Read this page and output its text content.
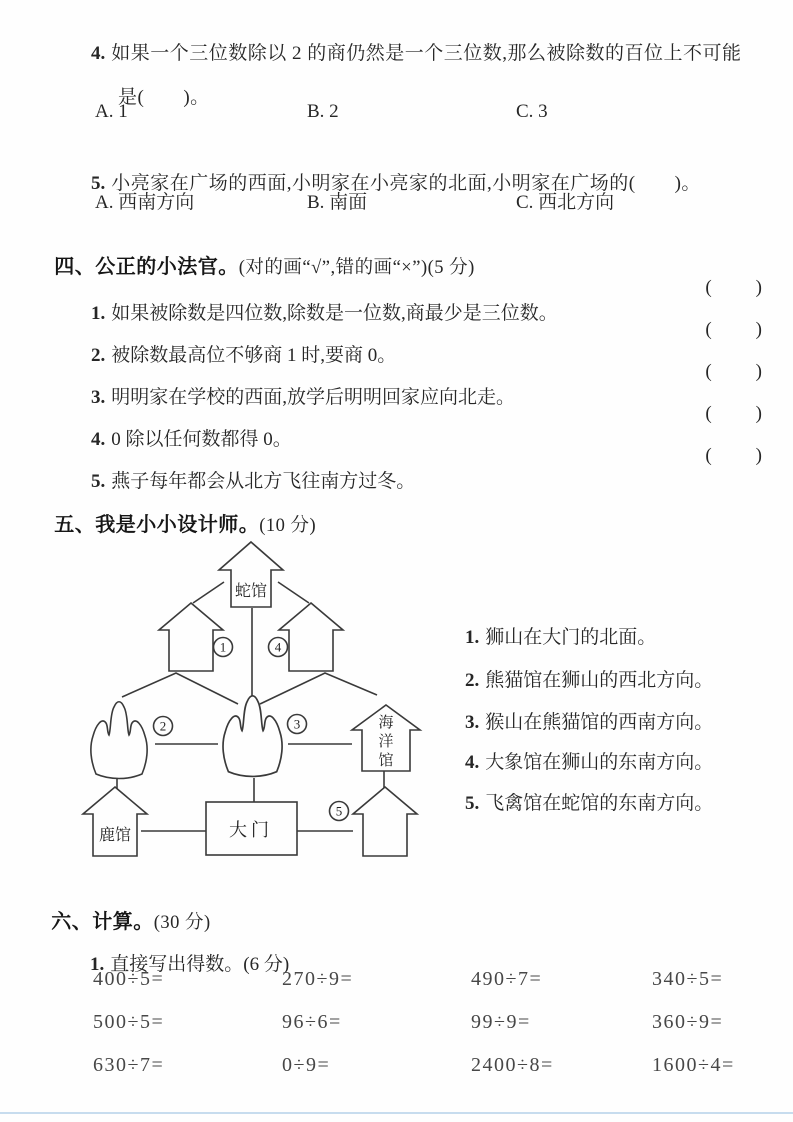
4. 如果一个三位数除以 2 的商仍然是一个三位数,那么被除数的百位上不可能

是(　　)。

A. 1	B. 2	C. 3

5. 小亮家在广场的西面,小明家在小亮家的北面,小明家在广场的(　　)。

A. 西南方向	B. 南面	C. 西北方向

四、公正的小法官。(对的画“√”,错的画“×”)(5 分)

1. 如果被除数是四位数,除数是一位数,商最少是三位数。

(　　)

2. 被除数最高位不够商 1 时,要商 0。

(　　)

3. 明明家在学校的西面,放学后明明回家应向北走。

(　　)

4. 0 除以任何数都得 0。

(　　)

5. 燕子每年都会从北方飞往南方过冬。

(　　)

五、我是小小设计师。(10 分)

蛇馆
海
洋
馆
鹿馆	大门
1	4
2	3
5

1. 狮山在大门的北面。

2. 熊猫馆在狮山的西北方向。

3. 猴山在熊猫馆的西南方向。

4. 大象馆在狮山的东南方向。

5. 飞禽馆在蛇馆的东南方向。

六、计算。(30 分)

1. 直接写出得数。(6 分)

400÷5=	270÷9=	490÷7=	340÷5=
500÷5=	96÷6=	99÷9=	360÷9=
630÷7=	0÷9=	2400÷8=	1600÷4=
